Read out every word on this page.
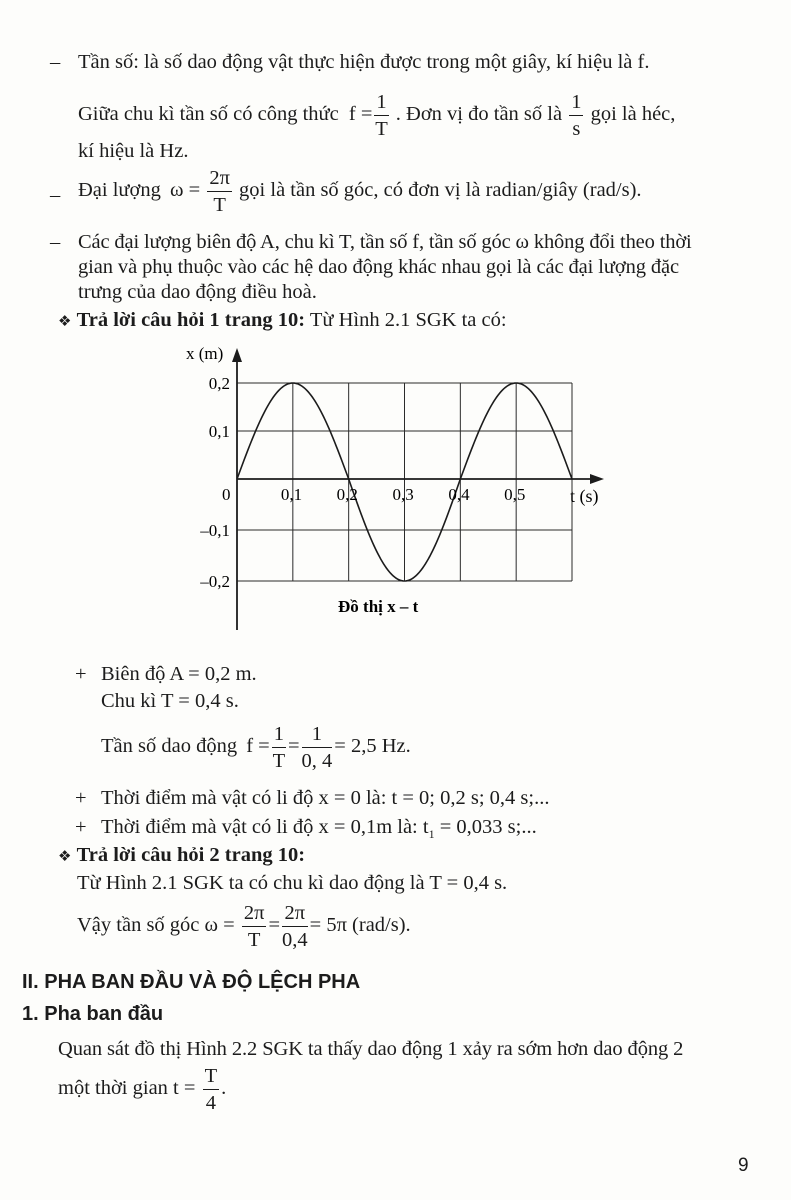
– Tần số: là số dao động vật thực hiện được trong một giây, kí hiệu là f.
Giữa chu kì tần số có công thức $f = \frac{1}{T}$ . Đơn vị đo tần số là $\frac{1}{s}$ gọi là héc,
kí hiệu là Hz.
– Đại lượng $\omega = \frac{2\pi}{T}$ gọi là tần số góc, có đơn vị là radian/giây (rad/s).
– Các đại lượng biên độ A, chu kì T, tần số f, tần số góc ω không đổi theo thời
gian và phụ thuộc vào các hệ dao động khác nhau gọi là các đại lượng đặc
trưng của dao động điều hoà.
❖ Trả lời câu hỏi 1 trang 10: Từ Hình 2.1 SGK ta có:
x (m)
t (s)
Đồ thị x – t
0	0,1 0,2 0,3 0,4 0,5
0,2
0,1
–0,1
–0,2
+ Biên độ A = 0,2 m.
Chu kì T = 0,4 s.
Tần số dao động $f = \frac{1}{T} = \frac{1}{0, 4} = 2,5$ Hz.
+ Thời điểm mà vật có li độ x = 0 là: t = 0; 0,2 s; 0,4 s;...
+ Thời điểm mà vật có li độ x = 0,1m là: $t_1 = 0,033$ s;...
❖ Trả lời câu hỏi 2 trang 10:
Từ Hình 2.1 SGK ta có chu kì dao động là T = 0,4 s.
Vậy tần số góc $\omega = \frac{2\pi}{T} = \frac{2\pi}{0,4} = 5\pi$ (rad/s).
II. PHA BAN ĐẦU VÀ ĐỘ LỆCH PHA
1. Pha ban đầu
Quan sát đồ thị Hình 2.2 SGK ta thấy dao động 1 xảy ra sớm hơn dao động 2
một thời gian $t = \frac{T}{4}$ .
9
